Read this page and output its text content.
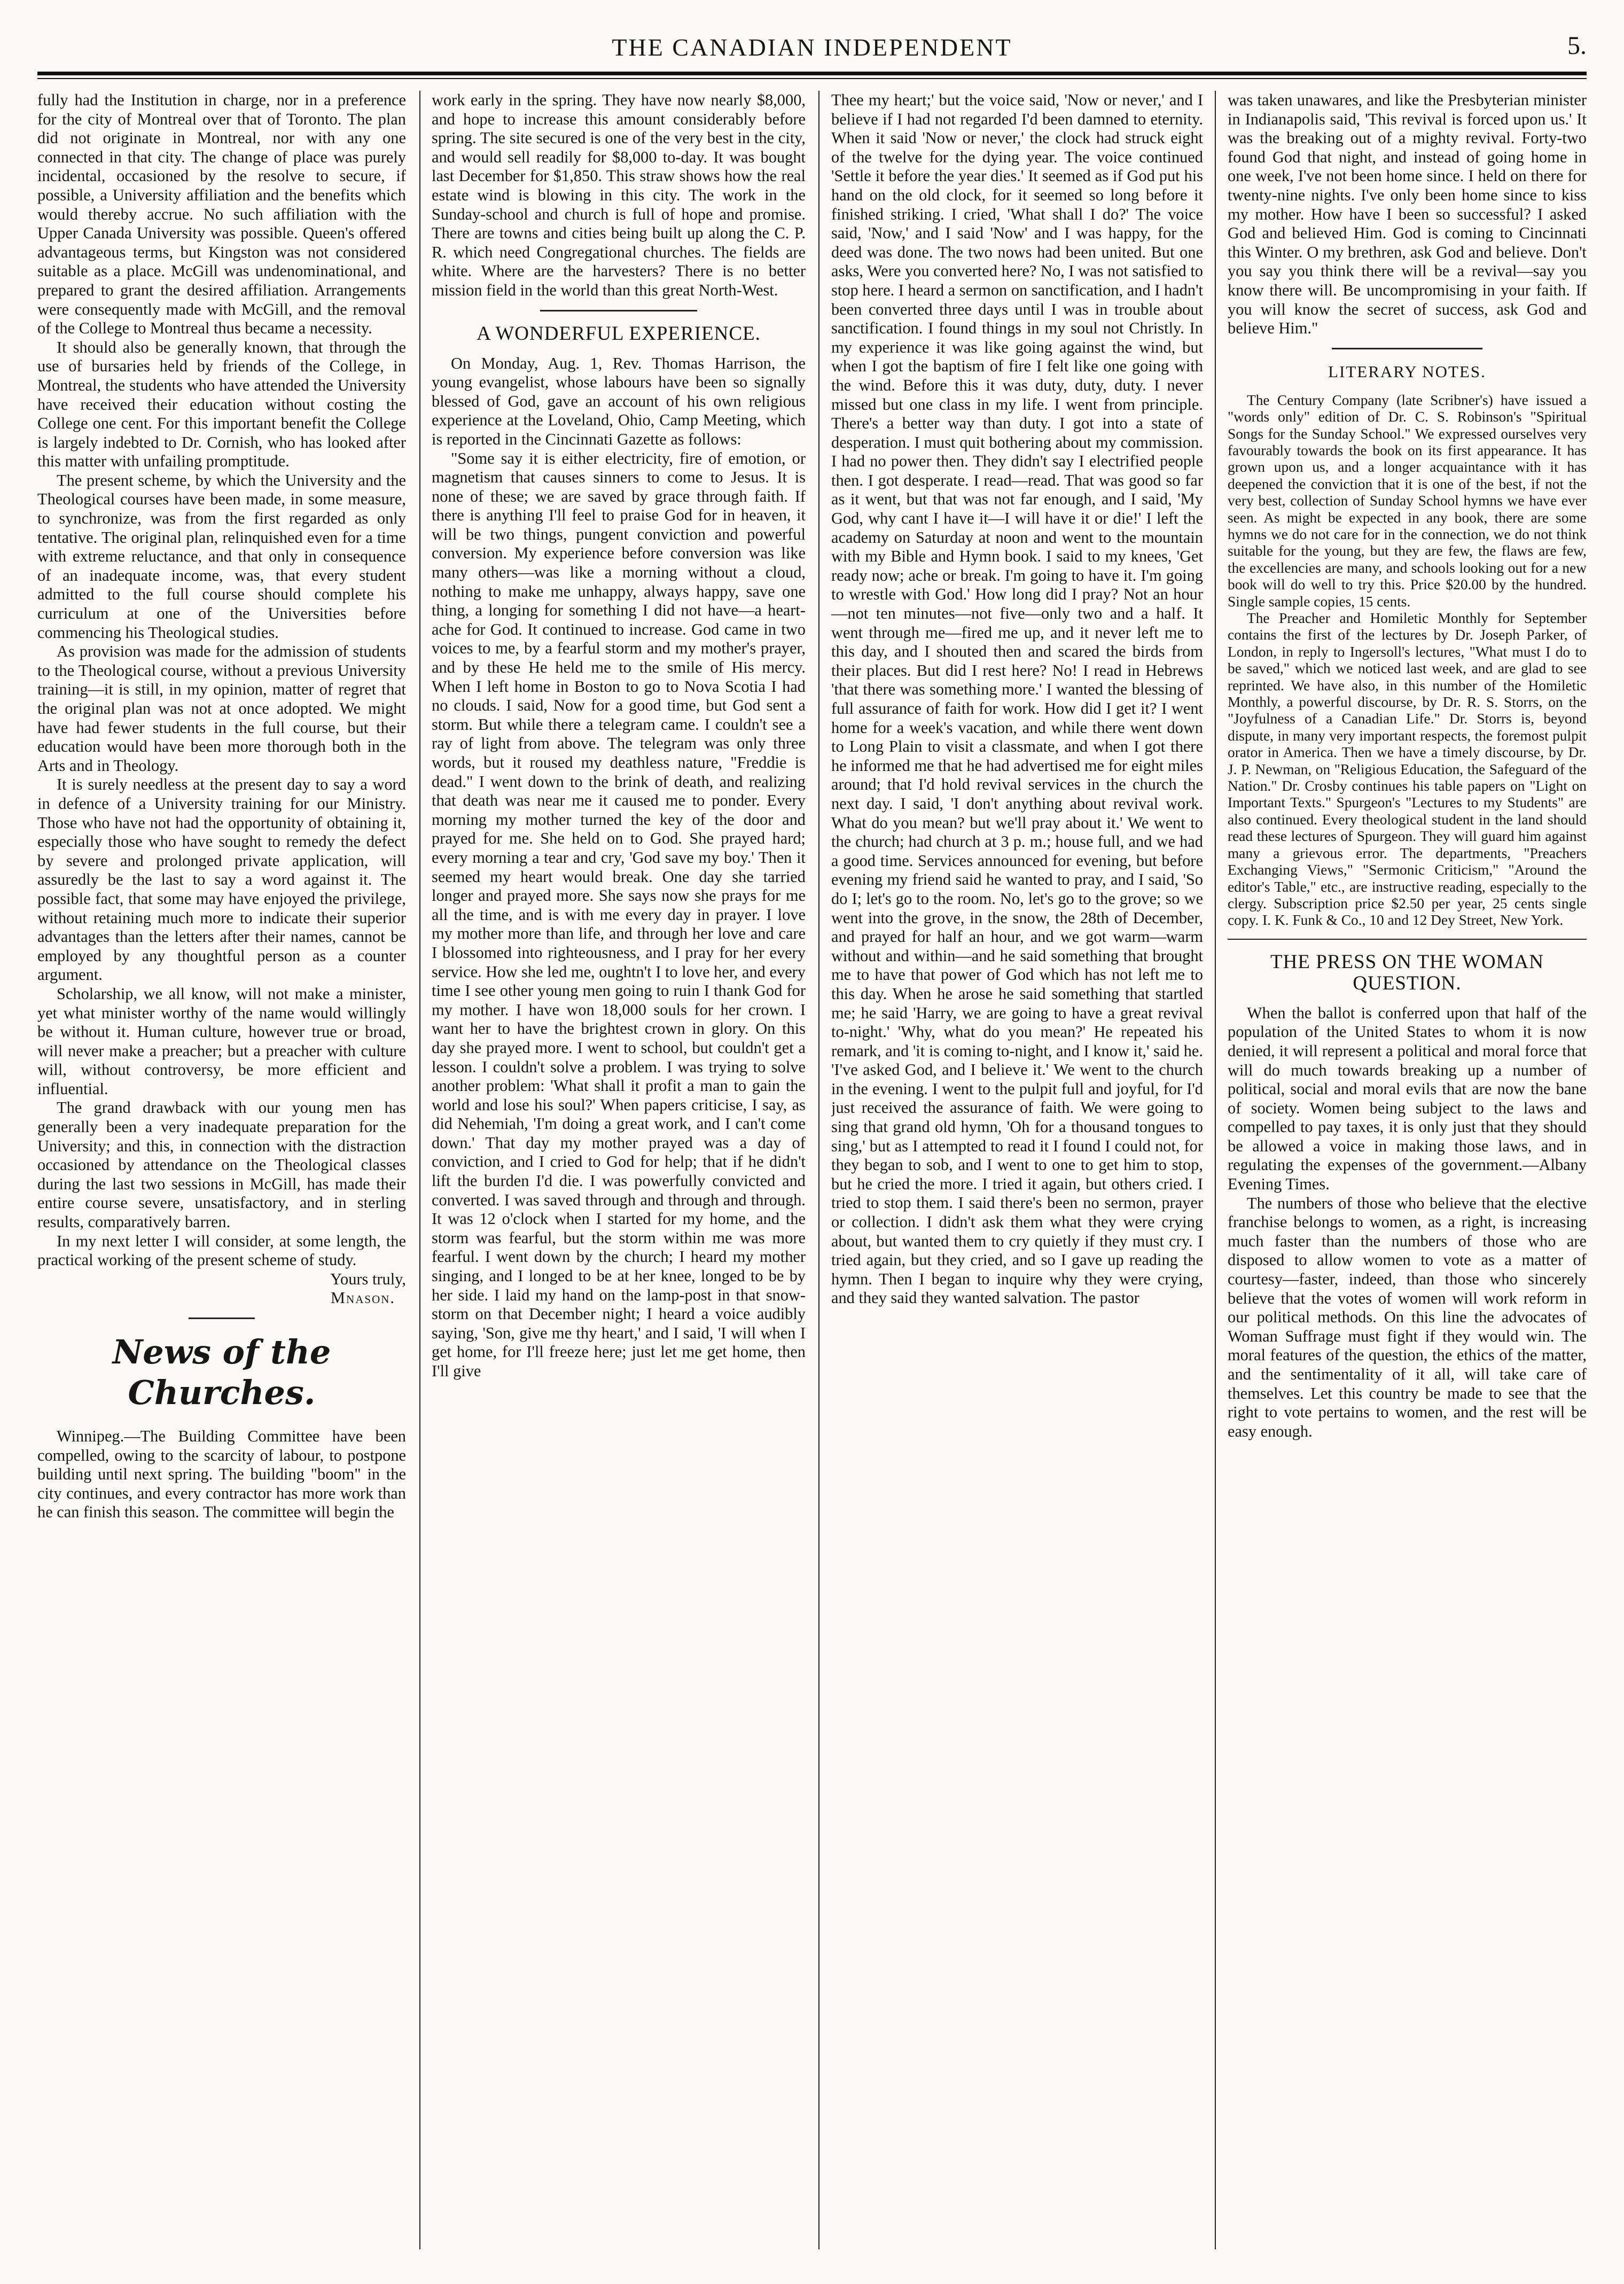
THE CANADIAN INDEPENDENT	5.

fully had the Institution in charge, nor in a preference for the city of Montreal over that of Toronto. The plan did not originate in Montreal, nor with any one connected in that city. The change of place was purely incidental, occasioned by the resolve to secure, if possible, a University affiliation and the benefits which would thereby accrue. No such affiliation with the Upper Canada University was possible. Queen's offered advantageous terms, but Kingston was not considered suitable as a place. McGill was undenominational, and prepared to grant the desired affiliation. Arrangements were consequently made with McGill, and the removal of the College to Montreal thus became a necessity.

It should also be generally known, that through the use of bursaries held by friends of the College, in Montreal, the students who have attended the University have received their education without costing the College one cent. For this important benefit the College is largely indebted to Dr. Cornish, who has looked after this matter with unfailing promptitude.

The present scheme, by which the University and the Theological courses have been made, in some measure, to synchronize, was from the first regarded as only tentative. The original plan, relinquished even for a time with extreme reluctance, and that only in consequence of an inadequate income, was, that every student admitted to the full course should complete his curriculum at one of the Universities before commencing his Theological studies.

As provision was made for the admission of students to the Theological course, without a previous University training—it is still, in my opinion, matter of regret that the original plan was not at once adopted. We might have had fewer students in the full course, but their education would have been more thorough both in the Arts and in Theology.

It is surely needless at the present day to say a word in defence of a University training for our Ministry. Those who have not had the opportunity of obtaining it, especially those who have sought to remedy the defect by severe and prolonged private application, will assuredly be the last to say a word against it. The possible fact, that some may have enjoyed the privilege, without retaining much more to indicate their superior advantages than the letters after their names, cannot be employed by any thoughtful person as a counter argument.

Scholarship, we all know, will not make a minister, yet what minister worthy of the name would willingly be without it. Human culture, however true or broad, will never make a preacher; but a preacher with culture will, without controversy, be more efficient and influential.

The grand drawback with our young men has generally been a very inadequate preparation for the University; and this, in connection with the distraction occasioned by attendance on the Theological classes during the last two sessions in McGill, has made their entire course severe, unsatisfactory, and in sterling results, comparatively barren.

In my next letter I will consider, at some length, the practical working of the present scheme of study.

Yours truly,

Mnason.

News of the Churches.

Winnipeg.—The Building Committee have been compelled, owing to the scarcity of labour, to postpone building until next spring. The building "boom" in the city continues, and every contractor has more work than he can finish this season. The committee will begin the

work early in the spring. They have now nearly $8,000, and hope to increase this amount considerably before spring. The site secured is one of the very best in the city, and would sell readily for $8,000 to-day. It was bought last December for $1,850. This straw shows how the real estate wind is blowing in this city. The work in the Sunday-school and church is full of hope and promise. There are towns and cities being built up along the C. P. R. which need Congregational churches. The fields are white. Where are the harvesters? There is no better mission field in the world than this great North-West.

A WONDERFUL EXPERIENCE.

On Monday, Aug. 1, Rev. Thomas Harrison, the young evangelist, whose labours have been so signally blessed of God, gave an account of his own religious experience at the Loveland, Ohio, Camp Meeting, which is reported in the Cincinnati Gazette as follows:

"Some say it is either electricity, fire of emotion, or magnetism that causes sinners to come to Jesus. It is none of these; we are saved by grace through faith. If there is anything I'll feel to praise God for in heaven, it will be two things, pungent conviction and powerful conversion. My experience before conversion was like many others—was like a morning without a cloud, nothing to make me unhappy, always happy, save one thing, a longing for something I did not have—a heart-ache for God. It continued to increase. God came in two voices to me, by a fearful storm and my mother's prayer, and by these He held me to the smile of His mercy. When I left home in Boston to go to Nova Scotia I had no clouds. I said, Now for a good time, but God sent a storm. But while there a telegram came. I couldn't see a ray of light from above. The telegram was only three words, but it roused my deathless nature, "Freddie is dead." I went down to the brink of death, and realizing that death was near me it caused me to ponder. Every morning my mother turned the key of the door and prayed for me. She held on to God. She prayed hard; every morning a tear and cry, 'God save my boy.' Then it seemed my heart would break. One day she tarried longer and prayed more. She says now she prays for me all the time, and is with me every day in prayer. I love my mother more than life, and through her love and care I blossomed into righteousness, and I pray for her every service. How she led me, oughtn't I to love her, and every time I see other young men going to ruin I thank God for my mother. I have won 18,000 souls for her crown. I want her to have the brightest crown in glory. On this day she prayed more. I went to school, but couldn't get a lesson. I couldn't solve a problem. I was trying to solve another problem: 'What shall it profit a man to gain the world and lose his soul?' When papers criticise, I say, as did Nehemiah, 'I'm doing a great work, and I can't come down.' That day my mother prayed was a day of conviction, and I cried to God for help; that if he didn't lift the burden I'd die. I was powerfully convicted and converted. I was saved through and through and through. It was 12 o'clock when I started for my home, and the storm was fearful, but the storm within me was more fearful. I went down by the church; I heard my mother singing, and I longed to be at her knee, longed to be by her side. I laid my hand on the lamp-post in that snow-storm on that December night; I heard a voice audibly saying, 'Son, give me thy heart,' and I said, 'I will when I get home, for I'll freeze here; just let me get home, then I'll give

Thee my heart;' but the voice said, 'Now or never,' and I believe if I had not regarded I'd been damned to eternity. When it said 'Now or never,' the clock had struck eight of the twelve for the dying year. The voice continued 'Settle it before the year dies.' It seemed as if God put his hand on the old clock, for it seemed so long before it finished striking. I cried, 'What shall I do?' The voice said, 'Now,' and I said 'Now' and I was happy, for the deed was done. The two nows had been united. But one asks, Were you converted here? No, I was not satisfied to stop here. I heard a sermon on sanctification, and I hadn't been converted three days until I was in trouble about sanctification. I found things in my soul not Christly. In my experience it was like going against the wind, but when I got the baptism of fire I felt like one going with the wind. Before this it was duty, duty, duty. I never missed but one class in my life. I went from principle. There's a better way than duty. I got into a state of desperation. I must quit bothering about my commission. I had no power then. They didn't say I electrified people then. I got desperate. I read—read. That was good so far as it went, but that was not far enough, and I said, 'My God, why cant I have it—I will have it or die!' I left the academy on Saturday at noon and went to the mountain with my Bible and Hymn book. I said to my knees, 'Get ready now; ache or break. I'm going to have it. I'm going to wrestle with God.' How long did I pray? Not an hour—not ten minutes—not five—only two and a half. It went through me—fired me up, and it never left me to this day, and I shouted then and scared the birds from their places. But did I rest here? No! I read in Hebrews 'that there was something more.' I wanted the blessing of full assurance of faith for work. How did I get it? I went home for a week's vacation, and while there went down to Long Plain to visit a classmate, and when I got there he informed me that he had advertised me for eight miles around; that I'd hold revival services in the church the next day. I said, 'I don't anything about revival work. What do you mean? but we'll pray about it.' We went to the church; had church at 3 p. m.; house full, and we had a good time. Services announced for evening, but before evening my friend said he wanted to pray, and I said, 'So do I; let's go to the room. No, let's go to the grove; so we went into the grove, in the snow, the 28th of December, and prayed for half an hour, and we got warm—warm without and within—and he said something that brought me to have that power of God which has not left me to this day. When he arose he said something that startled me; he said 'Harry, we are going to have a great revival to-night.' 'Why, what do you mean?' He repeated his remark, and 'it is coming to-night, and I know it,' said he. 'I've asked God, and I believe it.' We went to the church in the evening. I went to the pulpit full and joyful, for I'd just received the assurance of faith. We were going to sing that grand old hymn, 'Oh for a thousand tongues to sing,' but as I attempted to read it I found I could not, for they began to sob, and I went to one to get him to stop, but he cried the more. I tried it again, but others cried. I tried to stop them. I said there's been no sermon, prayer or collection. I didn't ask them what they were crying about, but wanted them to cry quietly if they must cry. I tried again, but they cried, and so I gave up reading the hymn. Then I began to inquire why they were crying, and they said they wanted salvation. The pastor

was taken unawares, and like the Presbyterian minister in Indianapolis said, 'This revival is forced upon us.' It was the breaking out of a mighty revival. Forty-two found God that night, and instead of going home in one week, I've not been home since. I held on there for twenty-nine nights. I've only been home since to kiss my mother. How have I been so successful? I asked God and believed Him. God is coming to Cincinnati this Winter. O my brethren, ask God and believe. Don't you say you think there will be a revival—say you know there will. Be uncompromising in your faith. If you will know the secret of success, ask God and believe Him."

LITERARY NOTES.

The Century Company (late Scribner's) have issued a "words only" edition of Dr. C. S. Robinson's "Spiritual Songs for the Sunday School." We expressed ourselves very favourably towards the book on its first appearance. It has grown upon us, and a longer acquaintance with it has deepened the conviction that it is one of the best, if not the very best, collection of Sunday School hymns we have ever seen. As might be expected in any book, there are some hymns we do not care for in the connection, we do not think suitable for the young, but they are few, the flaws are few, the excellencies are many, and schools looking out for a new book will do well to try this. Price $20.00 by the hundred. Single sample copies, 15 cents.

The Preacher and Homiletic Monthly for September contains the first of the lectures by Dr. Joseph Parker, of London, in reply to Ingersoll's lectures, "What must I do to be saved," which we noticed last week, and are glad to see reprinted. We have also, in this number of the Homiletic Monthly, a powerful discourse, by Dr. R. S. Storrs, on the "Joyfulness of a Canadian Life." Dr. Storrs is, beyond dispute, in many very important respects, the foremost pulpit orator in America. Then we have a timely discourse, by Dr. J. P. Newman, on "Religious Education, the Safeguard of the Nation." Dr. Crosby continues his table papers on "Light on Important Texts." Spurgeon's "Lectures to my Students" are also continued. Every theological student in the land should read these lectures of Spurgeon. They will guard him against many a grievous error. The departments, "Preachers Exchanging Views," "Sermonic Criticism," "Around the editor's Table," etc., are instructive reading, especially to the clergy. Subscription price $2.50 per year, 25 cents single copy. I. K. Funk & Co., 10 and 12 Dey Street, New York.

THE PRESS ON THE WOMAN QUESTION.

When the ballot is conferred upon that half of the population of the United States to whom it is now denied, it will represent a political and moral force that will do much towards breaking up a number of political, social and moral evils that are now the bane of society. Women being subject to the laws and compelled to pay taxes, it is only just that they should be allowed a voice in making those laws, and in regulating the expenses of the government.—Albany Evening Times.

The numbers of those who believe that the elective franchise belongs to women, as a right, is increasing much faster than the numbers of those who are disposed to allow women to vote as a matter of courtesy—faster, indeed, than those who sincerely believe that the votes of women will work reform in our political methods. On this line the advocates of Woman Suffrage must fight if they would win. The moral features of the question, the ethics of the matter, and the sentimentality of it all, will take care of themselves. Let this country be made to see that the right to vote pertains to women, and the rest will be easy enough.
